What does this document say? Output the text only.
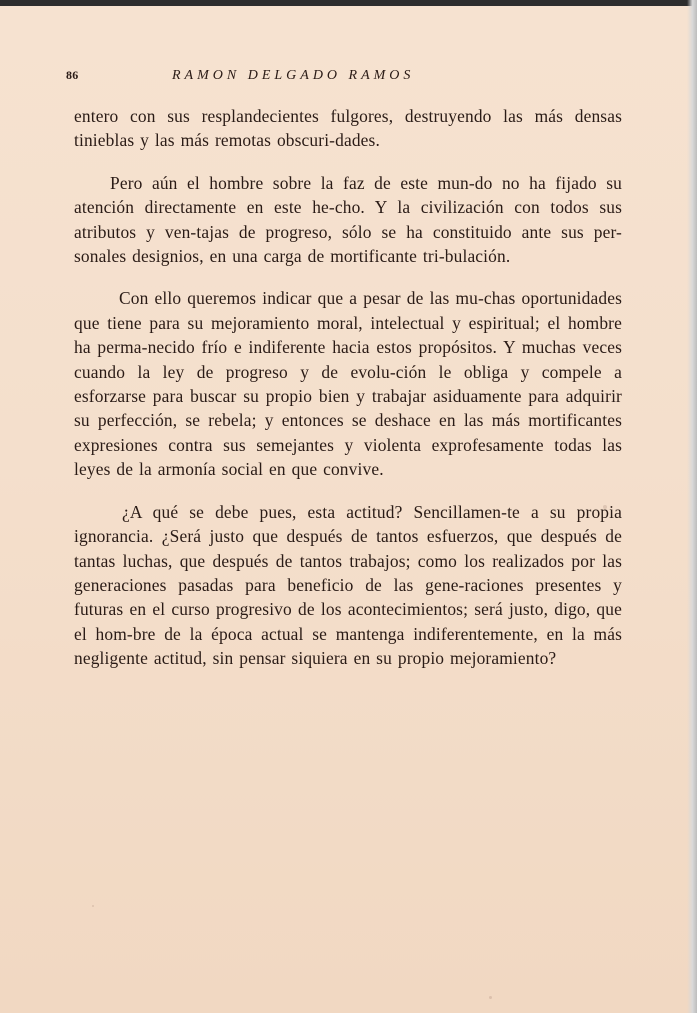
86	RAMON DELGADO RAMOS

entero con sus resplandecientes fulgores, destruyendo las más densas tinieblas y las más remotas obscuri-dades.

Pero aún el hombre sobre la faz de este mun-do no ha fijado su atención directamente en este he-cho. Y la civilización con todos sus atributos y ven-tajas de progreso, sólo se ha constituido ante sus per-sonales designios, en una carga de mortificante tri-bulación.

Con ello queremos indicar que a pesar de las mu-chas oportunidades que tiene para su mejoramiento moral, intelectual y espiritual; el hombre ha perma-necido frío e indiferente hacia estos propósitos. Y muchas veces cuando la ley de progreso y de evolu-ción le obliga y compele a esforzarse para buscar su propio bien y trabajar asiduamente para adquirir su perfección, se rebela; y entonces se deshace en las más mortificantes expresiones contra sus semejantes y violenta exprofesamente todas las leyes de la armonía social en que convive.

¿A qué se debe pues, esta actitud? Sencillamen-te a su propia ignorancia. ¿Será justo que después de tantos esfuerzos, que después de tantas luchas, que después de tantos trabajos; como los realizados por las generaciones pasadas para beneficio de las gene-raciones presentes y futuras en el curso progresivo de los acontecimientos; será justo, digo, que el hom-bre de la época actual se mantenga indiferentemente, en la más negligente actitud, sin pensar siquiera en su propio mejoramiento?
